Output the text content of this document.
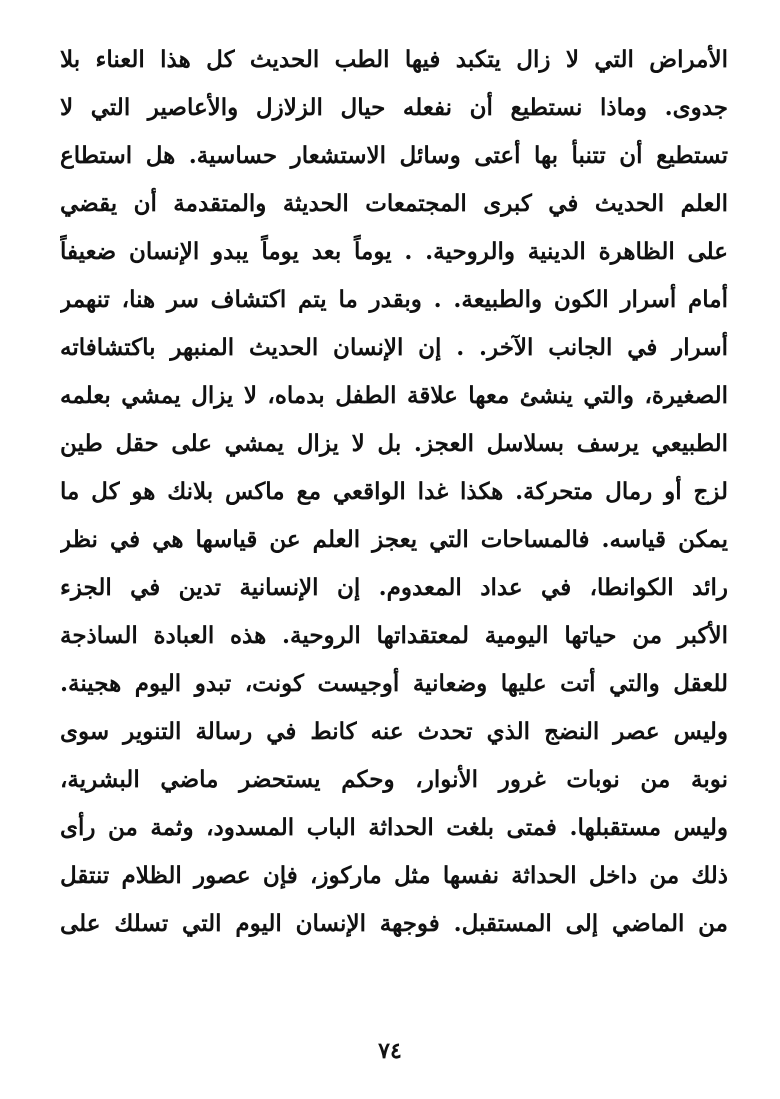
الأمراض التي لا زال يتكبد فيها الطب الحديث كل هذا العناء بلا
جدوى. وماذا نستطيع أن نفعله حيال الزلازل والأعاصير التي لا
تستطيع أن تتنبأ بها أعتى وسائل الاستشعار حساسية. هل استطاع
العلم الحديث في كبرى المجتمعات الحديثة والمتقدمة أن يقضي
على الظاهرة الدينية والروحية. . يوماً بعد يوماً يبدو الإنسان ضعيفاً
أمام أسرار الكون والطبيعة. . وبقدر ما يتم اكتشاف سر هنا، تنهمر
أسرار في الجانب الآخر. . إن الإنسان الحديث المنبهر باكتشافاته
الصغيرة، والتي ينشئ معها علاقة الطفل بدماه، لا يزال يمشي بعلمه
الطبيعي يرسف بسلاسل العجز. بل لا يزال يمشي على حقل طين
لزج أو رمال متحركة. هكذا غدا الواقعي مع ماكس بلانك هو كل ما
يمكن قياسه. فالمساحات التي يعجز العلم عن قياسها هي في نظر
رائد الكوانطا، في عداد المعدوم. إن الإنسانية تدين في الجزء
الأكبر من حياتها اليومية لمعتقداتها الروحية. هذه العبادة الساذجة
للعقل والتي أتت عليها وضعانية أوجيست كونت، تبدو اليوم هجينة.
وليس عصر النضج الذي تحدث عنه كانط في رسالة التنوير سوى
نوبة من نوبات غرور الأنوار، وحكم يستحضر ماضي البشرية،
وليس مستقبلها. فمتى بلغت الحداثة الباب المسدود، وثمة من رأى
ذلك من داخل الحداثة نفسها مثل ماركوز، فإن عصور الظلام تنتقل
من الماضي إلى المستقبل. فوجهة الإنسان اليوم التي تسلك على
٧٤
